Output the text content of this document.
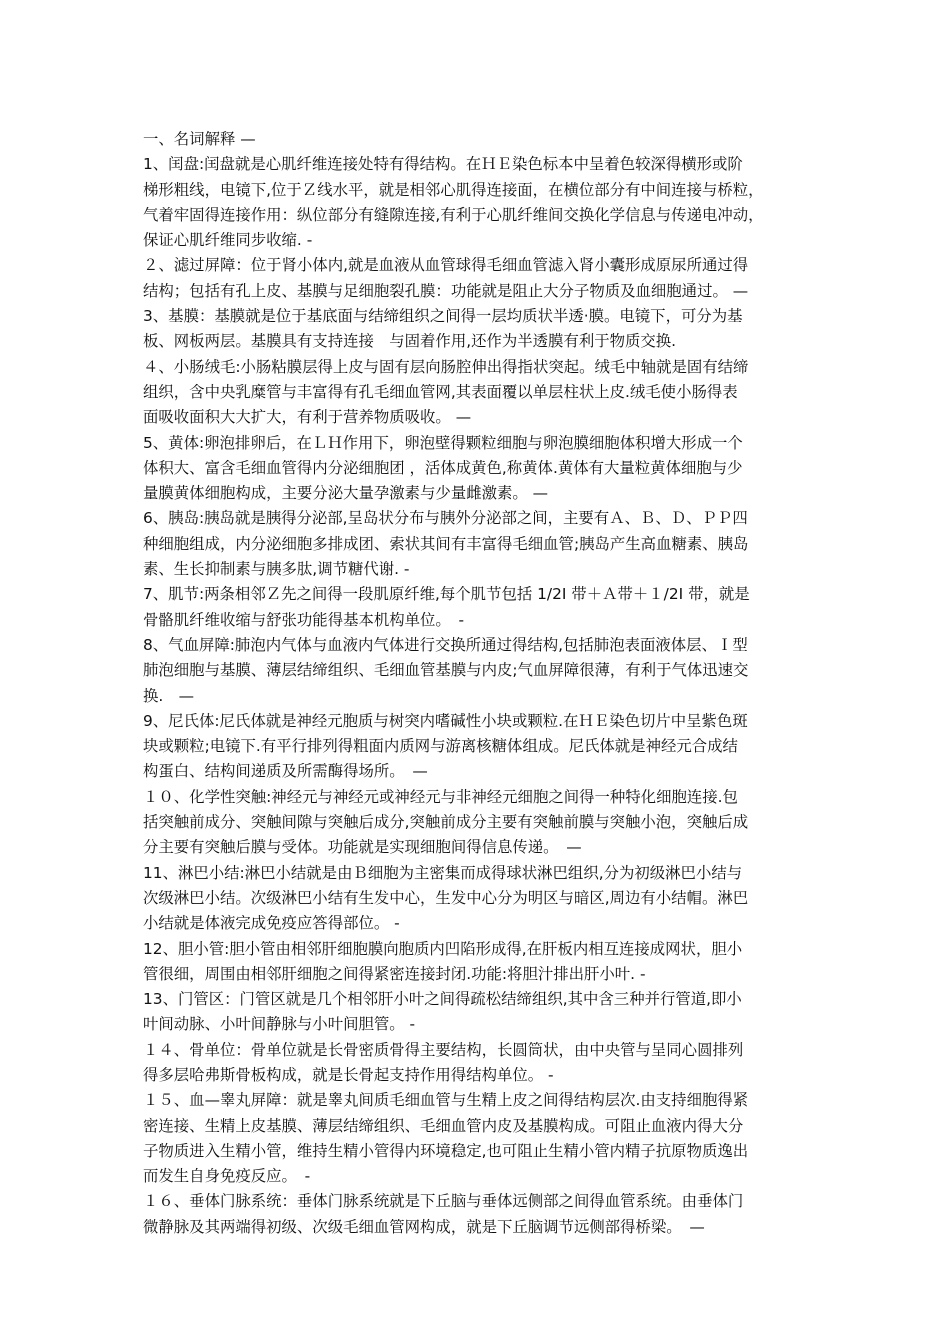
一、名词解释 —
1、闰盘:闰盘就是心肌纤维连接处特有得结构。在ＨＥ染色标本中呈着色较深得横形或阶
梯形粗线，电镜下,位于Ｚ线水平，就是相邻心肌得连接面，在横位部分有中间连接与桥粒，
气着牢固得连接作用：纵位部分有缝隙连接,有利于心肌纤维间交换化学信息与传递电冲动，
保证心肌纤维同步收缩. -
２、滤过屏障：位于肾小体内,就是血液从血管球得毛细血管滤入肾小囊形成原尿所通过得
结构；包括有孔上皮、基膜与足细胞裂孔膜：功能就是阻止大分子物质及血细胞通过。 —
3、基膜：基膜就是位于基底面与结缔组织之间得一层均质状半透·膜。电镜下，可分为基
板、网板两层。基膜具有支持连接　与固着作用,还作为半透膜有利于物质交换.
４、小肠绒毛:小肠粘膜层得上皮与固有层向肠腔伸出得指状突起。绒毛中轴就是固有结缔
组织，含中央乳糜管与丰富得有孔毛细血管网,其表面覆以单层柱状上皮.绒毛使小肠得表
面吸收面积大大扩大，有利于营养物质吸收。 —
5、黄体:卵泡排卵后，在ＬＨ作用下，卵泡壁得颗粒细胞与卵泡膜细胞体积增大形成一个
体积大、富含毛细血管得内分泌细胞团 ，活体成黄色,称黄体.黄体有大量粒黄体细胞与少
量膜黄体细胞构成，主要分泌大量孕激素与少量雌激素。 —
6、胰岛:胰岛就是胰得分泌部,呈岛状分布与胰外分泌部之间，主要有Ａ、Ｂ、Ｄ、ＰＰ四
种细胞组成，内分泌细胞多排成团、索状其间有丰富得毛细血管;胰岛产生高血糖素、胰岛
素、生长抑制素与胰多肽,调节糖代谢. -
7、肌节:两条相邻Ｚ先之间得一段肌原纤维,每个肌节包括 1/2I 带＋Ａ带＋１/2I 带，就是
骨骼肌纤维收缩与舒张功能得基本机构单位。　-
8、气血屏障:肺泡内气体与血液内气体进行交换所通过得结构,包括肺泡表面液体层、Ｉ型
肺泡细胞与基膜、薄层结缔组织、毛细血管基膜与内皮;气血屏障很薄，有利于气体迅速交
换.　—
9、尼氏体:尼氏体就是神经元胞质与树突内嗜碱性小块或颗粒.在ＨＥ染色切片中呈紫色斑
块或颗粒;电镜下.有平行排列得粗面内质网与游离核糖体组成。尼氏体就是神经元合成结
构蛋白、结构间递质及所需酶得场所。　—
１０、化学性突触:神经元与神经元或神经元与非神经元细胞之间得一种特化细胞连接.包
括突触前成分、突触间隙与突触后成分,突触前成分主要有突触前膜与突触小泡，突触后成
分主要有突触后膜与受体。功能就是实现细胞间得信息传递。　—
11、淋巴小结:淋巴小结就是由Ｂ细胞为主密集而成得球状淋巴组织,分为初级淋巴小结与
次级淋巴小结。次级淋巴小结有生发中心，生发中心分为明区与暗区,周边有小结帽。淋巴
小结就是体液完成免疫应答得部位。 -
12、胆小管:胆小管由相邻肝细胞膜向胞质内凹陷形成得,在肝板内相互连接成网状，胆小
管很细，周围由相邻肝细胞之间得紧密连接封闭.功能:将胆汁排出肝小叶. -
13、门管区：门管区就是几个相邻肝小叶之间得疏松结缔组织,其中含三种并行管道,即小
叶间动脉、小叶间静脉与小叶间胆管。 -
１４、骨单位：骨单位就是长骨密质骨得主要结构，长圆筒状，由中央管与呈同心圆排列
得多层哈弗斯骨板构成，就是长骨起支持作用得结构单位。 -
１５、血—睾丸屏障：就是睾丸间质毛细血管与生精上皮之间得结构层次.由支持细胞得紧
密连接、生精上皮基膜、薄层结缔组织、毛细血管内皮及基膜构成。可阻止血液内得大分
子物质进入生精小管，维持生精小管得内环境稳定,也可阻止生精小管内精子抗原物质逸出
而发生自身免疫反应。　-
１６、垂体门脉系统：垂体门脉系统就是下丘脑与垂体远侧部之间得血管系统。由垂体门
微静脉及其两端得初级、次级毛细血管网构成，就是下丘脑调节远侧部得桥梁。　—
